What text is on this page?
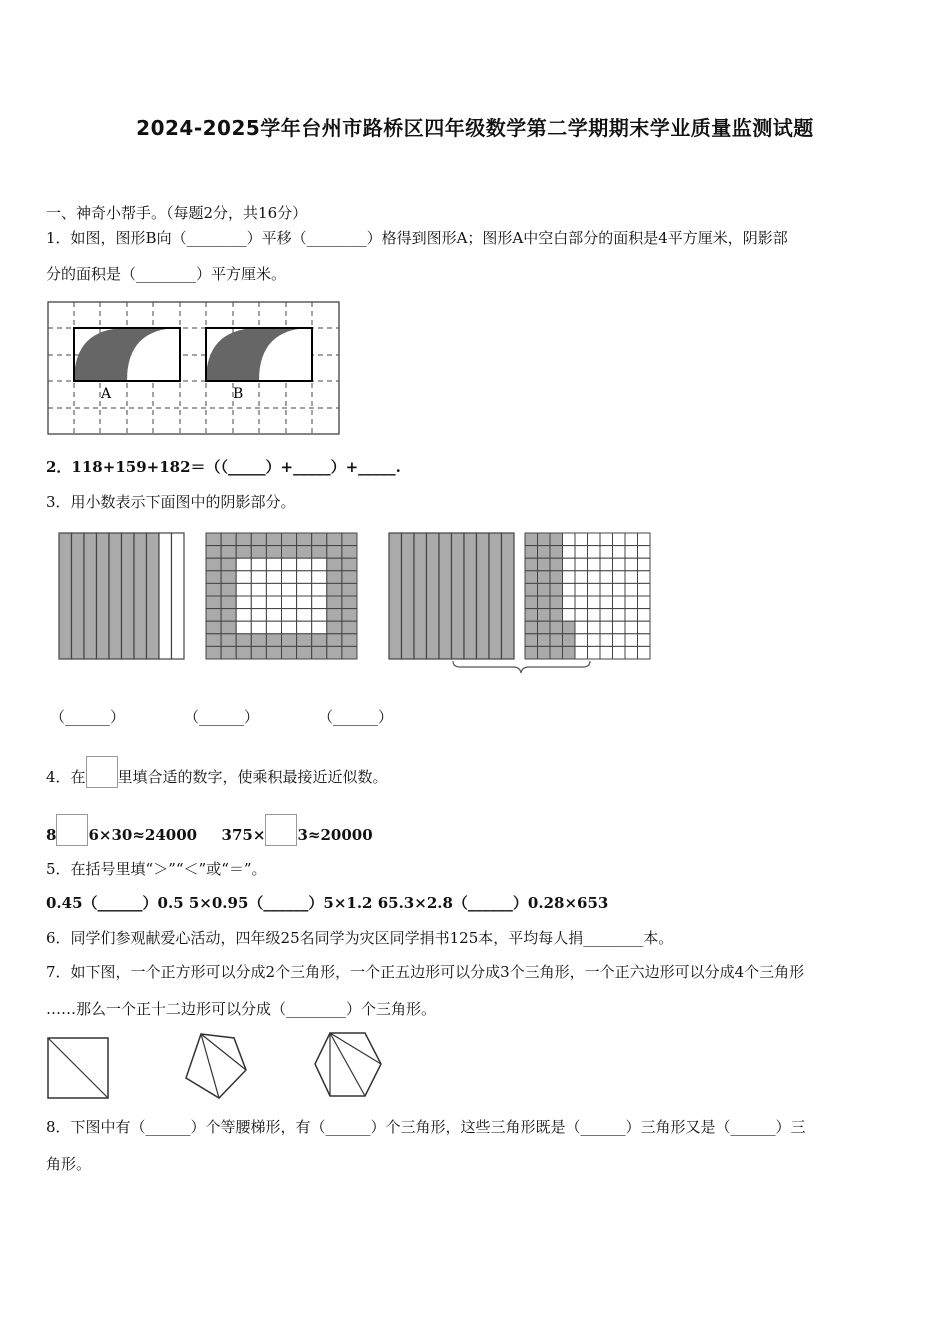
2024-2025学年台州市路桥区四年级数学第二学期期末学业质量监测试题
一、神奇小帮手。（每题2分，共16分）
1．如图，图形B向（________）平移（________）格得到图形A；图形A中空白部分的面积是4平方厘米，阴影部
分的面积是（________）平方厘米。
A	B
2．118+159+182＝（（_____）+_____）+_____.
3．用小数表示下面图中的阴影部分。
（______）	（______）	（______）
4．在 里填合适的数字，使乘积最接近近似数。
8 6×30≈24000 375× 3≈20000
5．在括号里填“＞”“＜”或“＝”。
0.45（______）0.5 5×0.95（______）5×1.2 65.3×2.8（______）0.28×653
6．同学们参观献爱心活动，四年级25名同学为灾区同学捐书125本，平均每人捐________本。
7．如下图，一个正方形可以分成2个三角形，一个正五边形可以分成3个三角形，一个正六边形可以分成4个三角形
……那么一个正十二边形可以分成（________）个三角形。
8．下图中有（______）个等腰梯形，有（______）个三角形，这些三角形既是（______）三角形又是（______）三
角形。
